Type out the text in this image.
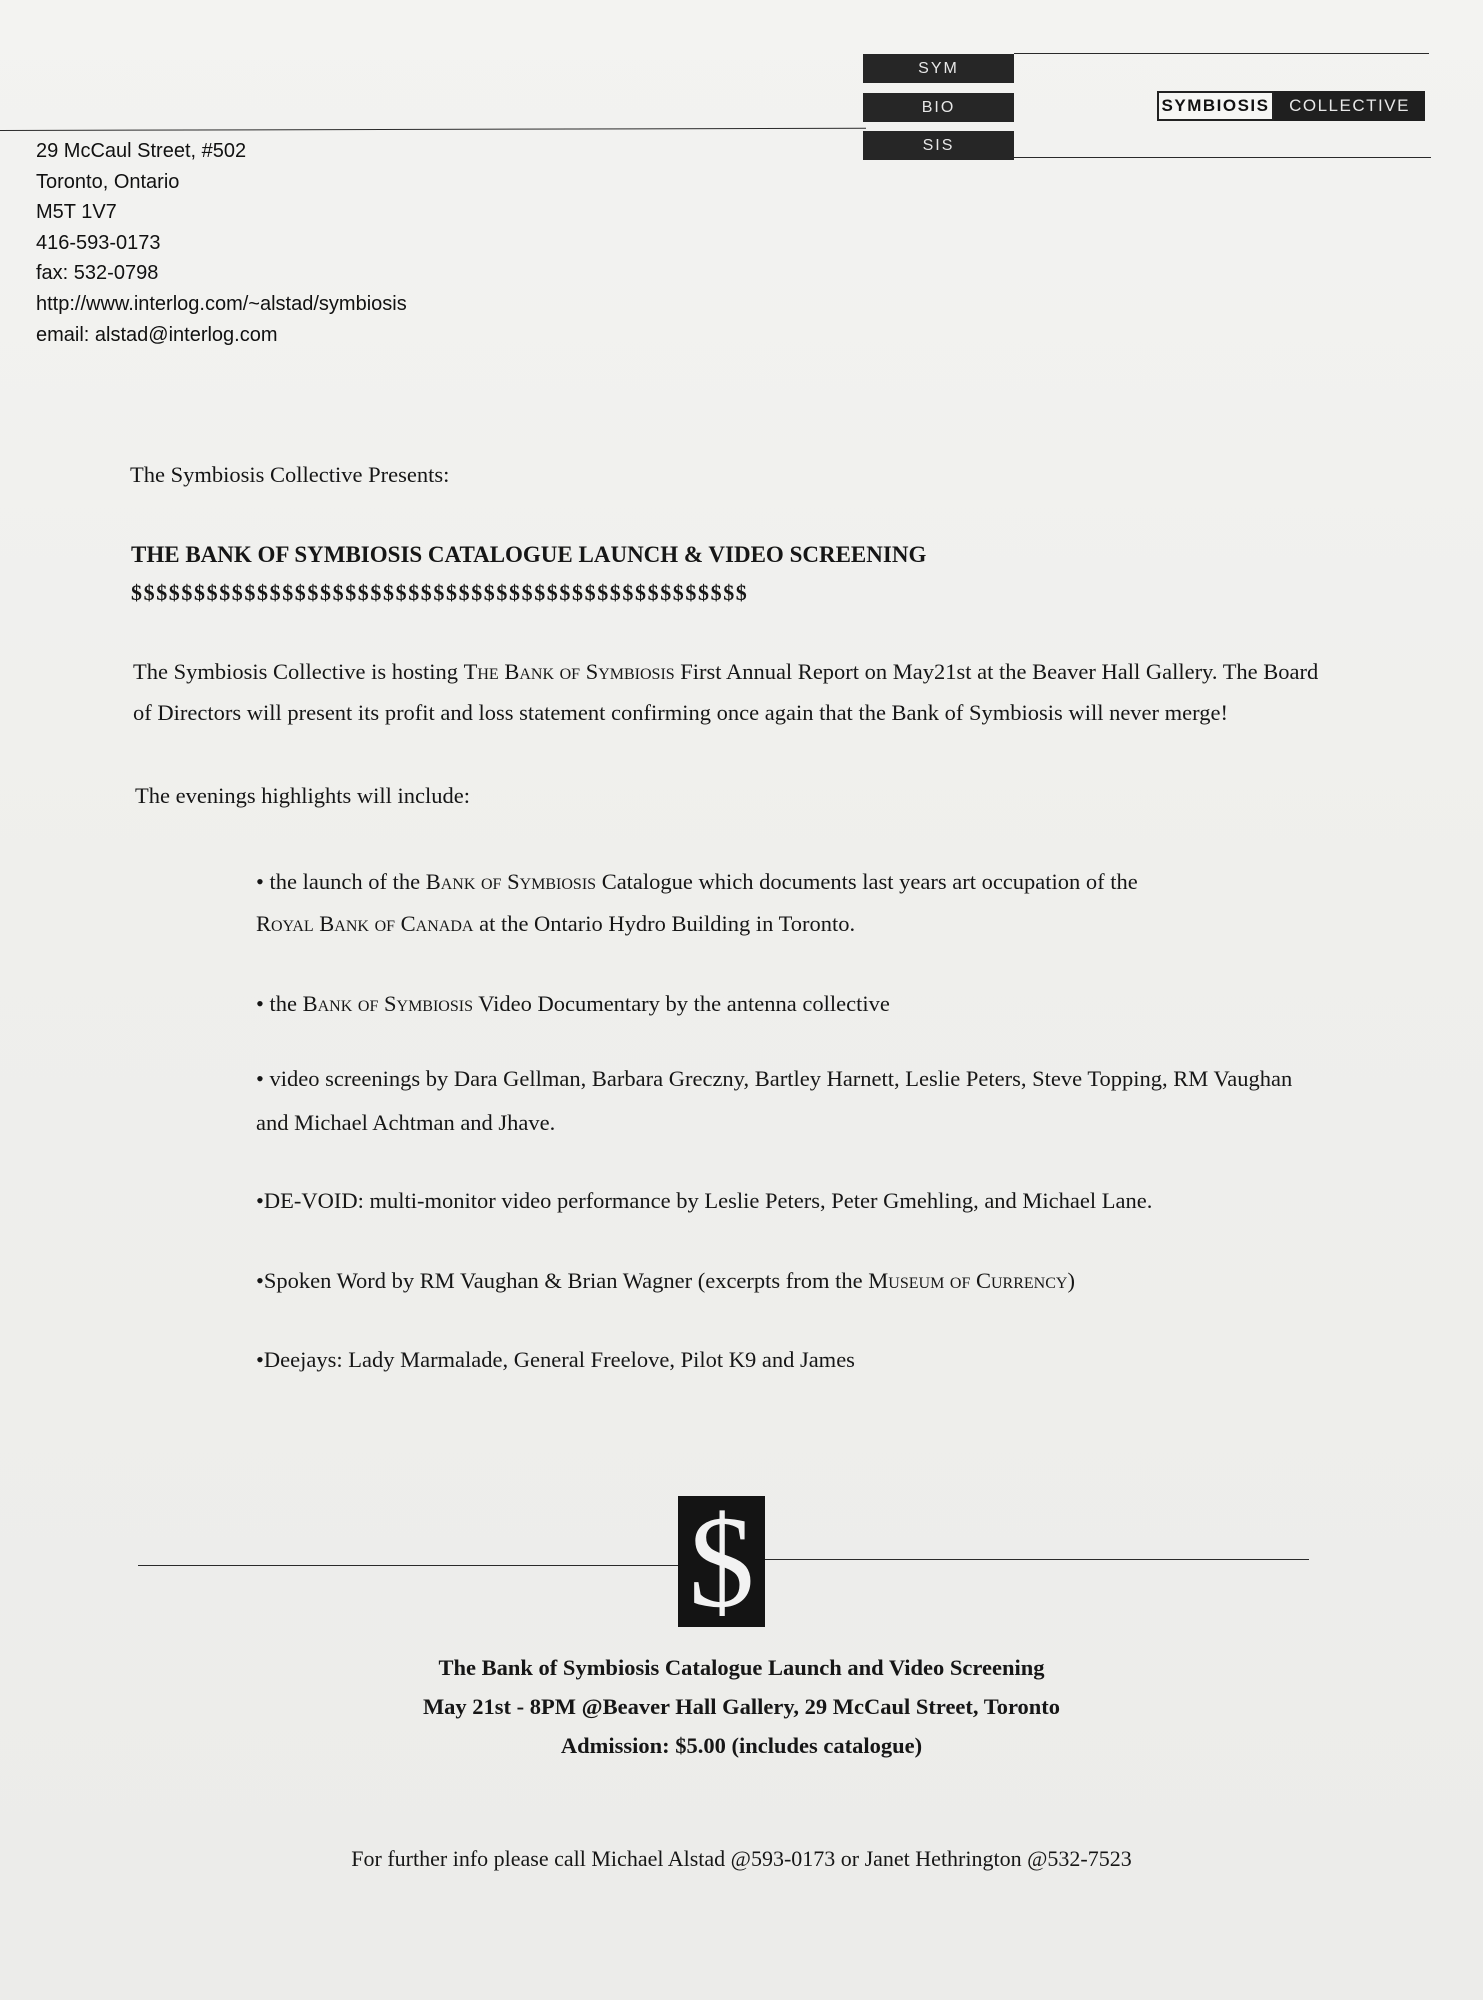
SYM
BIO
SIS
SYMBIOSIS	COLLECTIVE
29 McCaul Street, #502
Toronto, Ontario
M5T 1V7
416-593-0173
fax: 532-0798
http://www.interlog.com/~alstad/symbiosis
email: alstad@interlog.com
The Symbiosis Collective Presents:
THE BANK OF SYMBIOSIS CATALOGUE LAUNCH & VIDEO SCREENING
$$$$$$$$$$$$$$$$$$$$$$$$$$$$$$$$$$$$$$$$$$$$$$$$$
The Symbiosis Collective is hosting The Bank of Symbiosis First Annual Report on May21st at the Beaver Hall Gallery. The Board
of Directors will present its profit and loss statement confirming once again that the Bank of Symbiosis will never merge!
The evenings highlights will include:
• the launch of the Bank of Symbiosis Catalogue which documents last years art occupation of the
Royal Bank of Canada at the Ontario Hydro Building in Toronto.
• the Bank of Symbiosis Video Documentary by the antenna collective
• video screenings by Dara Gellman, Barbara Greczny, Bartley Harnett, Leslie Peters, Steve Topping, RM Vaughan
and Michael Achtman and Jhave.
•DE-VOID: multi-monitor video performance by Leslie Peters, Peter Gmehling, and Michael Lane.
•Spoken Word by RM Vaughan & Brian Wagner (excerpts from the Museum of Currency)
•Deejays: Lady Marmalade, General Freelove, Pilot K9 and James
$
The Bank of Symbiosis Catalogue Launch and Video Screening
May 21st - 8PM @Beaver Hall Gallery, 29 McCaul Street, Toronto
Admission: $5.00 (includes catalogue)
For further info please call Michael Alstad @593-0173 or Janet Hethrington @532-7523
